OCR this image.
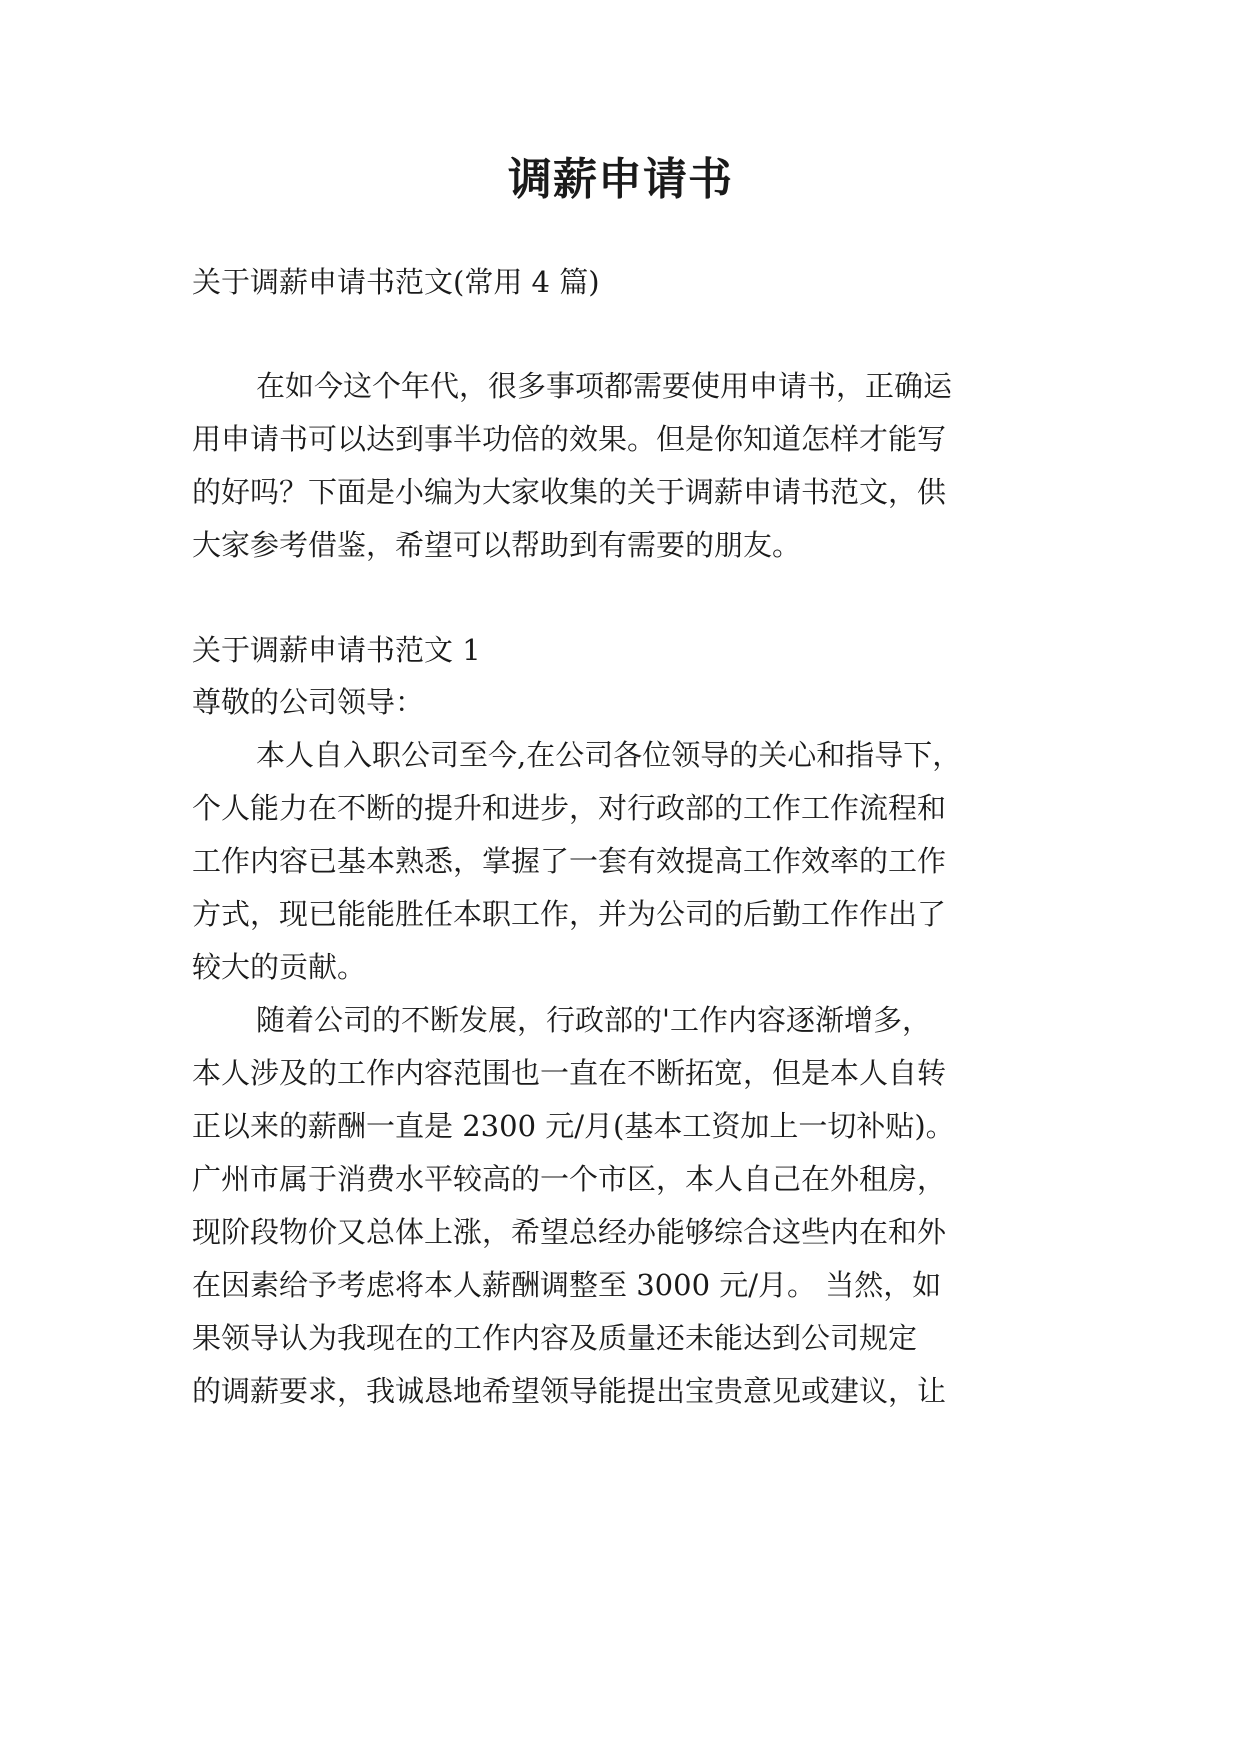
调薪申请书
关于调薪申请书范文(常用 4 篇)
在如今这个年代，很多事项都需要使用申请书，正确运
用申请书可以达到事半功倍的效果。但是你知道怎样才能写
的好吗？下面是小编为大家收集的关于调薪申请书范文，供
大家参考借鉴，希望可以帮助到有需要的朋友。
关于调薪申请书范文 1
尊敬的公司领导：
本人自入职公司至今,在公司各位领导的关心和指导下，
个人能力在不断的提升和进步，对行政部的工作工作流程和
工作内容已基本熟悉，掌握了一套有效提高工作效率的工作
方式，现已能能胜任本职工作，并为公司的后勤工作作出了
较大的贡献。
随着公司的不断发展，行政部的'工作内容逐渐增多，
本人涉及的工作内容范围也一直在不断拓宽，但是本人自转
正以来的薪酬一直是 2300 元/月(基本工资加上一切补贴)。
广州市属于消费水平较高的一个市区，本人自己在外租房，
现阶段物价又总体上涨，希望总经办能够综合这些内在和外
在因素给予考虑将本人薪酬调整至 3000 元/月。 当然，如
果领导认为我现在的工作内容及质量还未能达到公司规定
的调薪要求，我诚恳地希望领导能提出宝贵意见或建议，让
